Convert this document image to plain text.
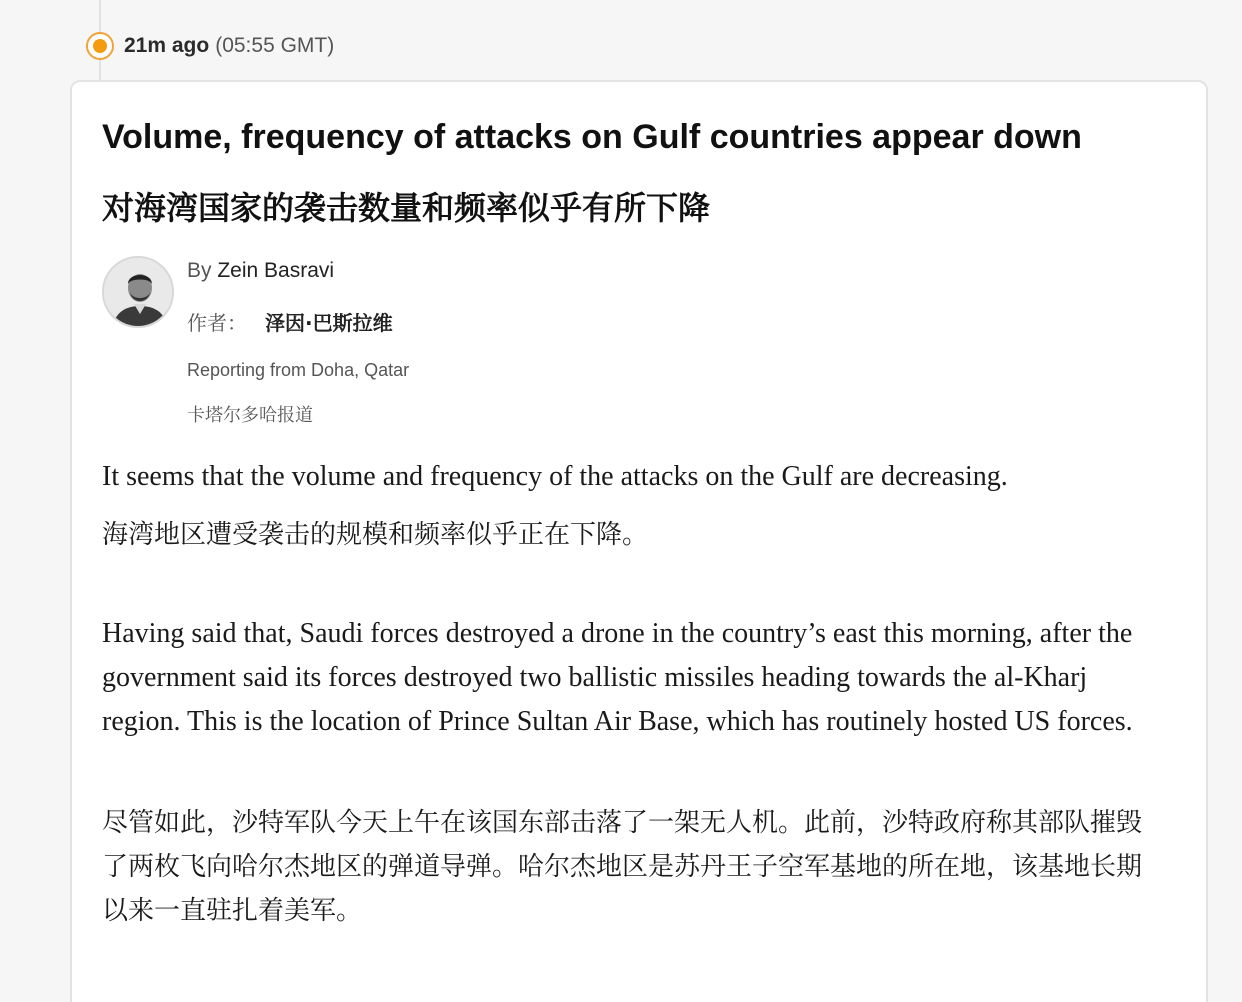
21m ago (05:55 GMT)
Volume, frequency of attacks on Gulf countries appear down
对海湾国家的袭击数量和频率似乎有所下降
By Zein Basravi
作者： 泽因·巴斯拉维
Reporting from Doha, Qatar
卡塔尔多哈报道

It seems that the volume and frequency of the attacks on the Gulf are decreasing.

海湾地区遭受袭击的规模和频率似乎正在下降。

Having said that, Saudi forces destroyed a drone in the country’s east this morning, after the government said its forces destroyed two ballistic missiles heading towards the al-Kharj region. This is the location of Prince Sultan Air Base, which has routinely hosted US forces.

尽管如此，沙特军队今天上午在该国东部击落了一架无人机。此前，沙特政府称其部队摧毁了两枚飞向哈尔杰地区的弹道导弹。哈尔杰地区是苏丹王子空军基地的所在地，该基地长期以来一直驻扎着美军。
